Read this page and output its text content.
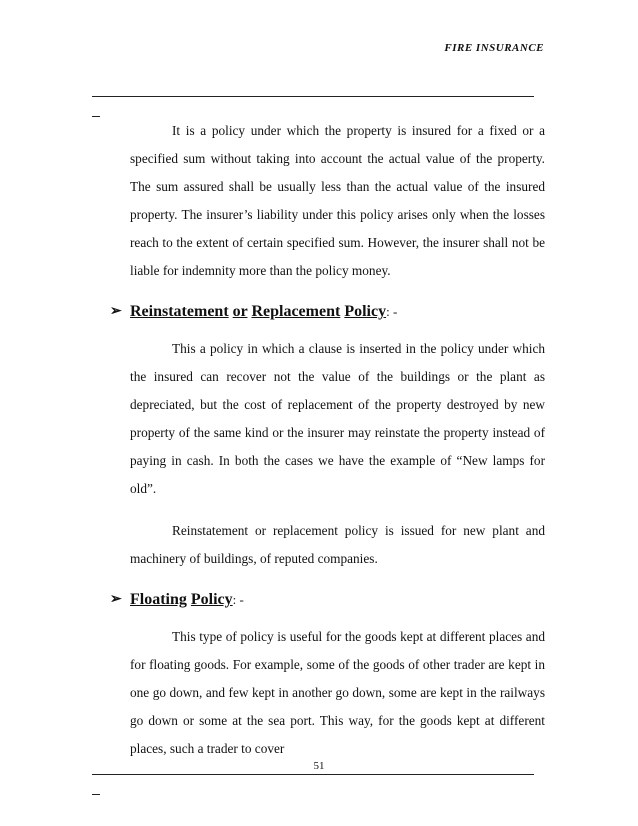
FIRE INSURANCE

It is a policy under which the property is insured for a fixed or a specified sum without taking into account the actual value of the property. The sum assured shall be usually less than the actual value of the insured property. The insurer’s liability under this policy arises only when the losses reach to the extent of certain specified sum. However, the insurer shall not be liable for indemnity more than the policy money.

➢ Reinstatement or Replacement Policy: -

This a policy in which a clause is inserted in the policy under which the insured can recover not the value of the buildings or the plant as depreciated, but the cost of replacement of the property destroyed by new property of the same kind or the insurer may reinstate the property instead of paying in cash. In both the cases we have the example of “New lamps for old”.

Reinstatement or replacement policy is issued for new plant and machinery of buildings, of reputed companies.

➢ Floating Policy: -

This type of policy is useful for the goods kept at different places and for floating goods. For example, some of the goods of other trader are kept in one go down, and few kept in another go down, some are kept in the railways go down or some at the sea port. This way, for the goods kept at different places, such a trader to cover

51
